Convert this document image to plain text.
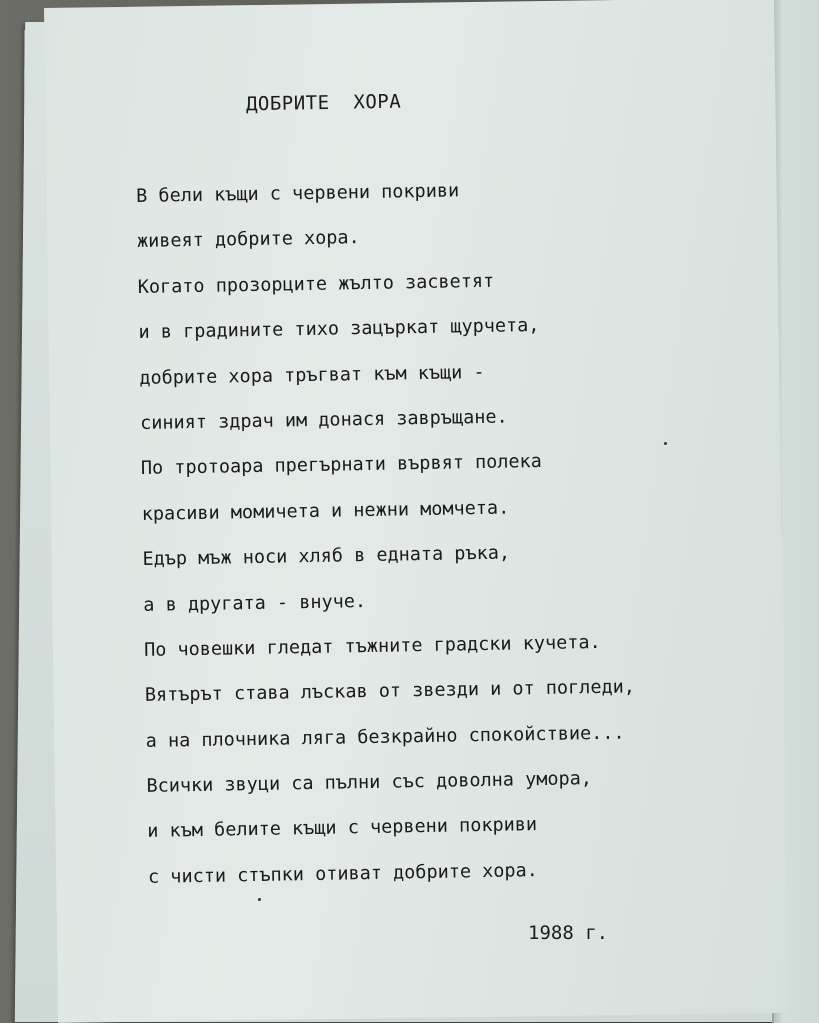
ДОБРИТЕ  ХОРА
В бели къщи с червени покриви
живеят добрите хора.
Когато прозорците жълто засветят
и в градините тихо зацъркат щурчета,
добрите хора тръгват към къщи -
синият здрач им донася завръщане.
По тротоара прегърнати вървят полека
красиви момичета и нежни момчета.
Едър мъж носи хляб в едната ръка,
а в другата - внуче.
По човешки гледат тъжните градски кучета.
Вятърът става лъскав от звезди и от погледи,
а на плочника ляга безкрайно спокойствие...
Всички звуци са пълни със доволна умора,
и към белите къщи с червени покриви
с чисти стъпки отиват добрите хора.
1988 г.
